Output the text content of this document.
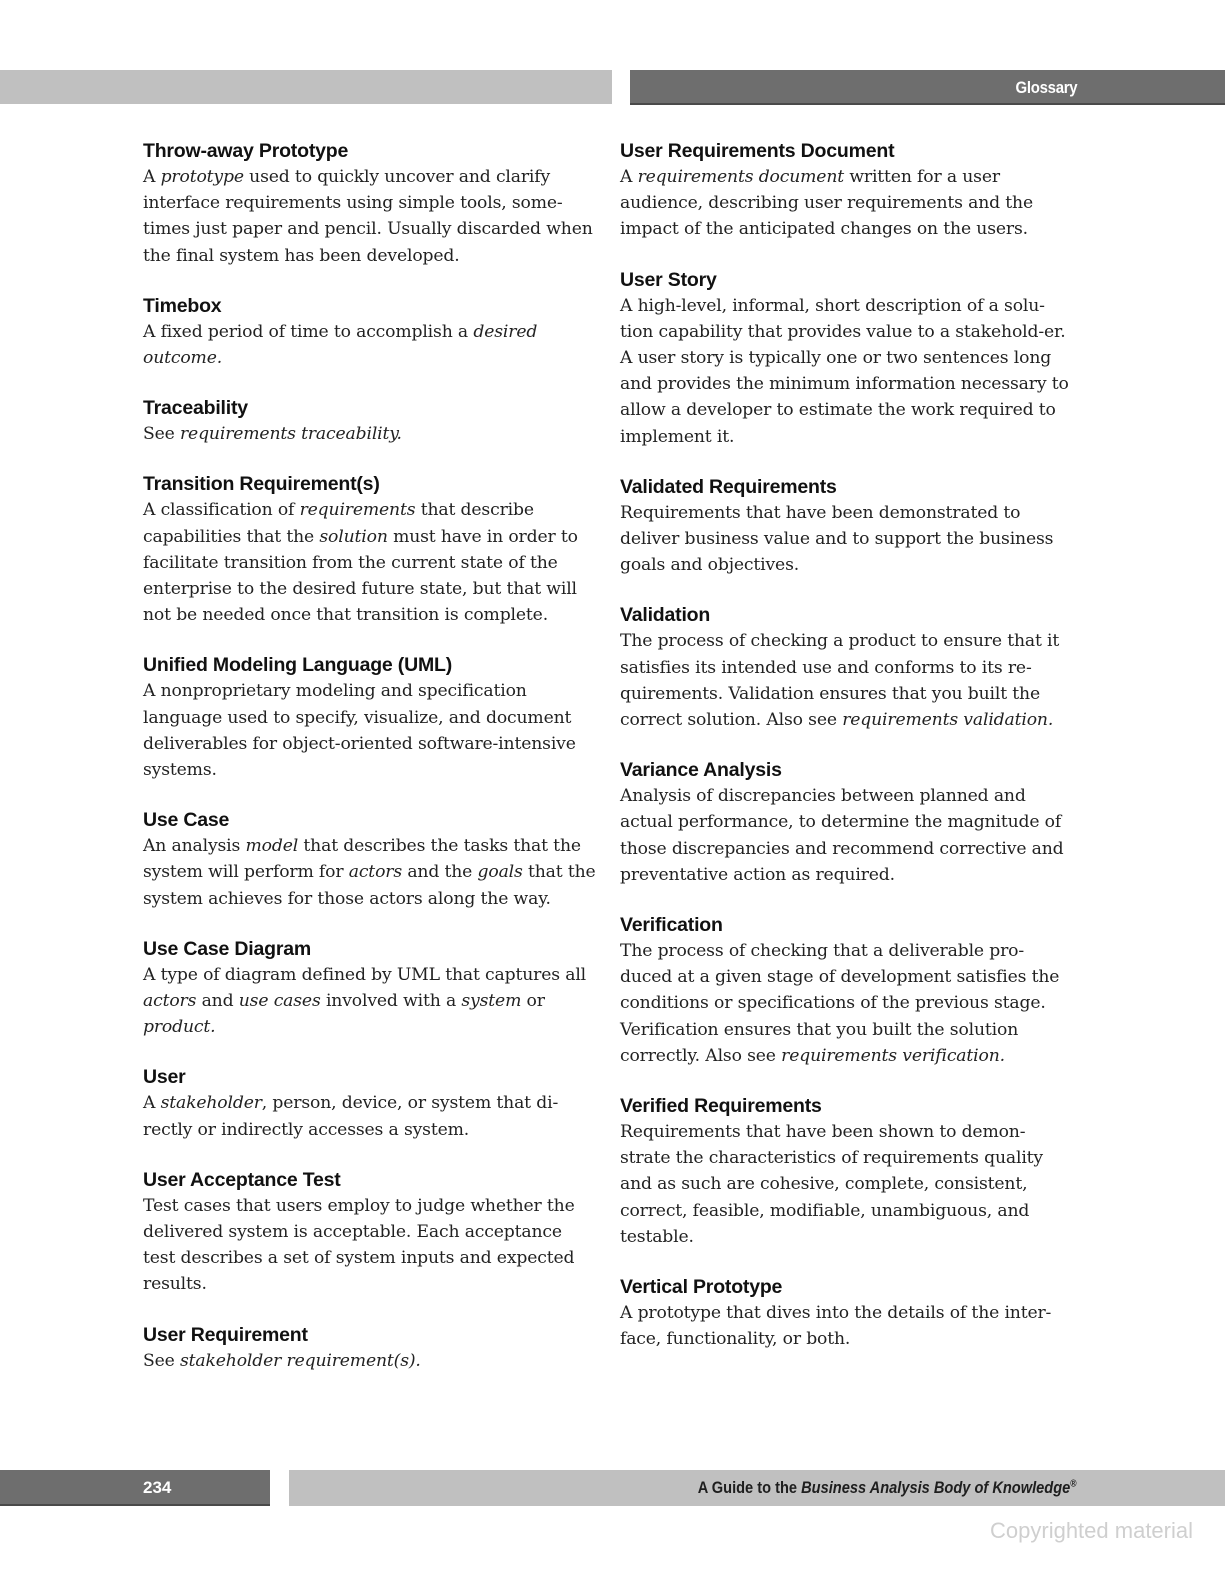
Glossary
Throw-away Prototype
A prototype used to quickly uncover and clarify interface requirements using simple tools, some-times just paper and pencil. Usually discarded when the final system has been developed.
Timebox
A fixed period of time to accomplish a desired outcome.
Traceability
See requirements traceability.
Transition Requirement(s)
A classification of requirements that describe capabilities that the solution must have in order to facilitate transition from the current state of the enterprise to the desired future state, but that will not be needed once that transition is complete.
Unified Modeling Language (UML)
A nonproprietary modeling and specification language used to specify, visualize, and document deliverables for object-oriented software-intensive systems.
Use Case
An analysis model that describes the tasks that the system will perform for actors and the goals that the system achieves for those actors along the way.
Use Case Diagram
A type of diagram defined by UML that captures all actors and use cases involved with a system or product.
User
A stakeholder, person, device, or system that di-rectly or indirectly accesses a system.
User Acceptance Test
Test cases that users employ to judge whether the delivered system is acceptable. Each acceptance test describes a set of system inputs and expected results.
User Requirement
See stakeholder requirement(s).
User Requirements Document
A requirements document written for a user audience, describing user requirements and the impact of the anticipated changes on the users.
User Story
A high-level, informal, short description of a solu-tion capability that provides value to a stakehold-er. A user story is typically one or two sentences long and provides the minimum information necessary to allow a developer to estimate the work required to implement it.
Validated Requirements
Requirements that have been demonstrated to deliver business value and to support the business goals and objectives.
Validation
The process of checking a product to ensure that it satisfies its intended use and conforms to its re-quirements. Validation ensures that you built the correct solution. Also see requirements validation.
Variance Analysis
Analysis of discrepancies between planned and actual performance, to determine the magnitude of those discrepancies and recommend corrective and preventative action as required.
Verification
The process of checking that a deliverable pro-duced at a given stage of development satisfies the conditions or specifications of the previous stage. Verification ensures that you built the solution correctly. Also see requirements verification.
Verified Requirements
Requirements that have been shown to demon-strate the characteristics of requirements quality and as such are cohesive, complete, consistent, correct, feasible, modifiable, unambiguous, and testable.
Vertical Prototype
A prototype that dives into the details of the inter-face, functionality, or both.
234	A Guide to the Business Analysis Body of Knowledge®
Copyrighted material
